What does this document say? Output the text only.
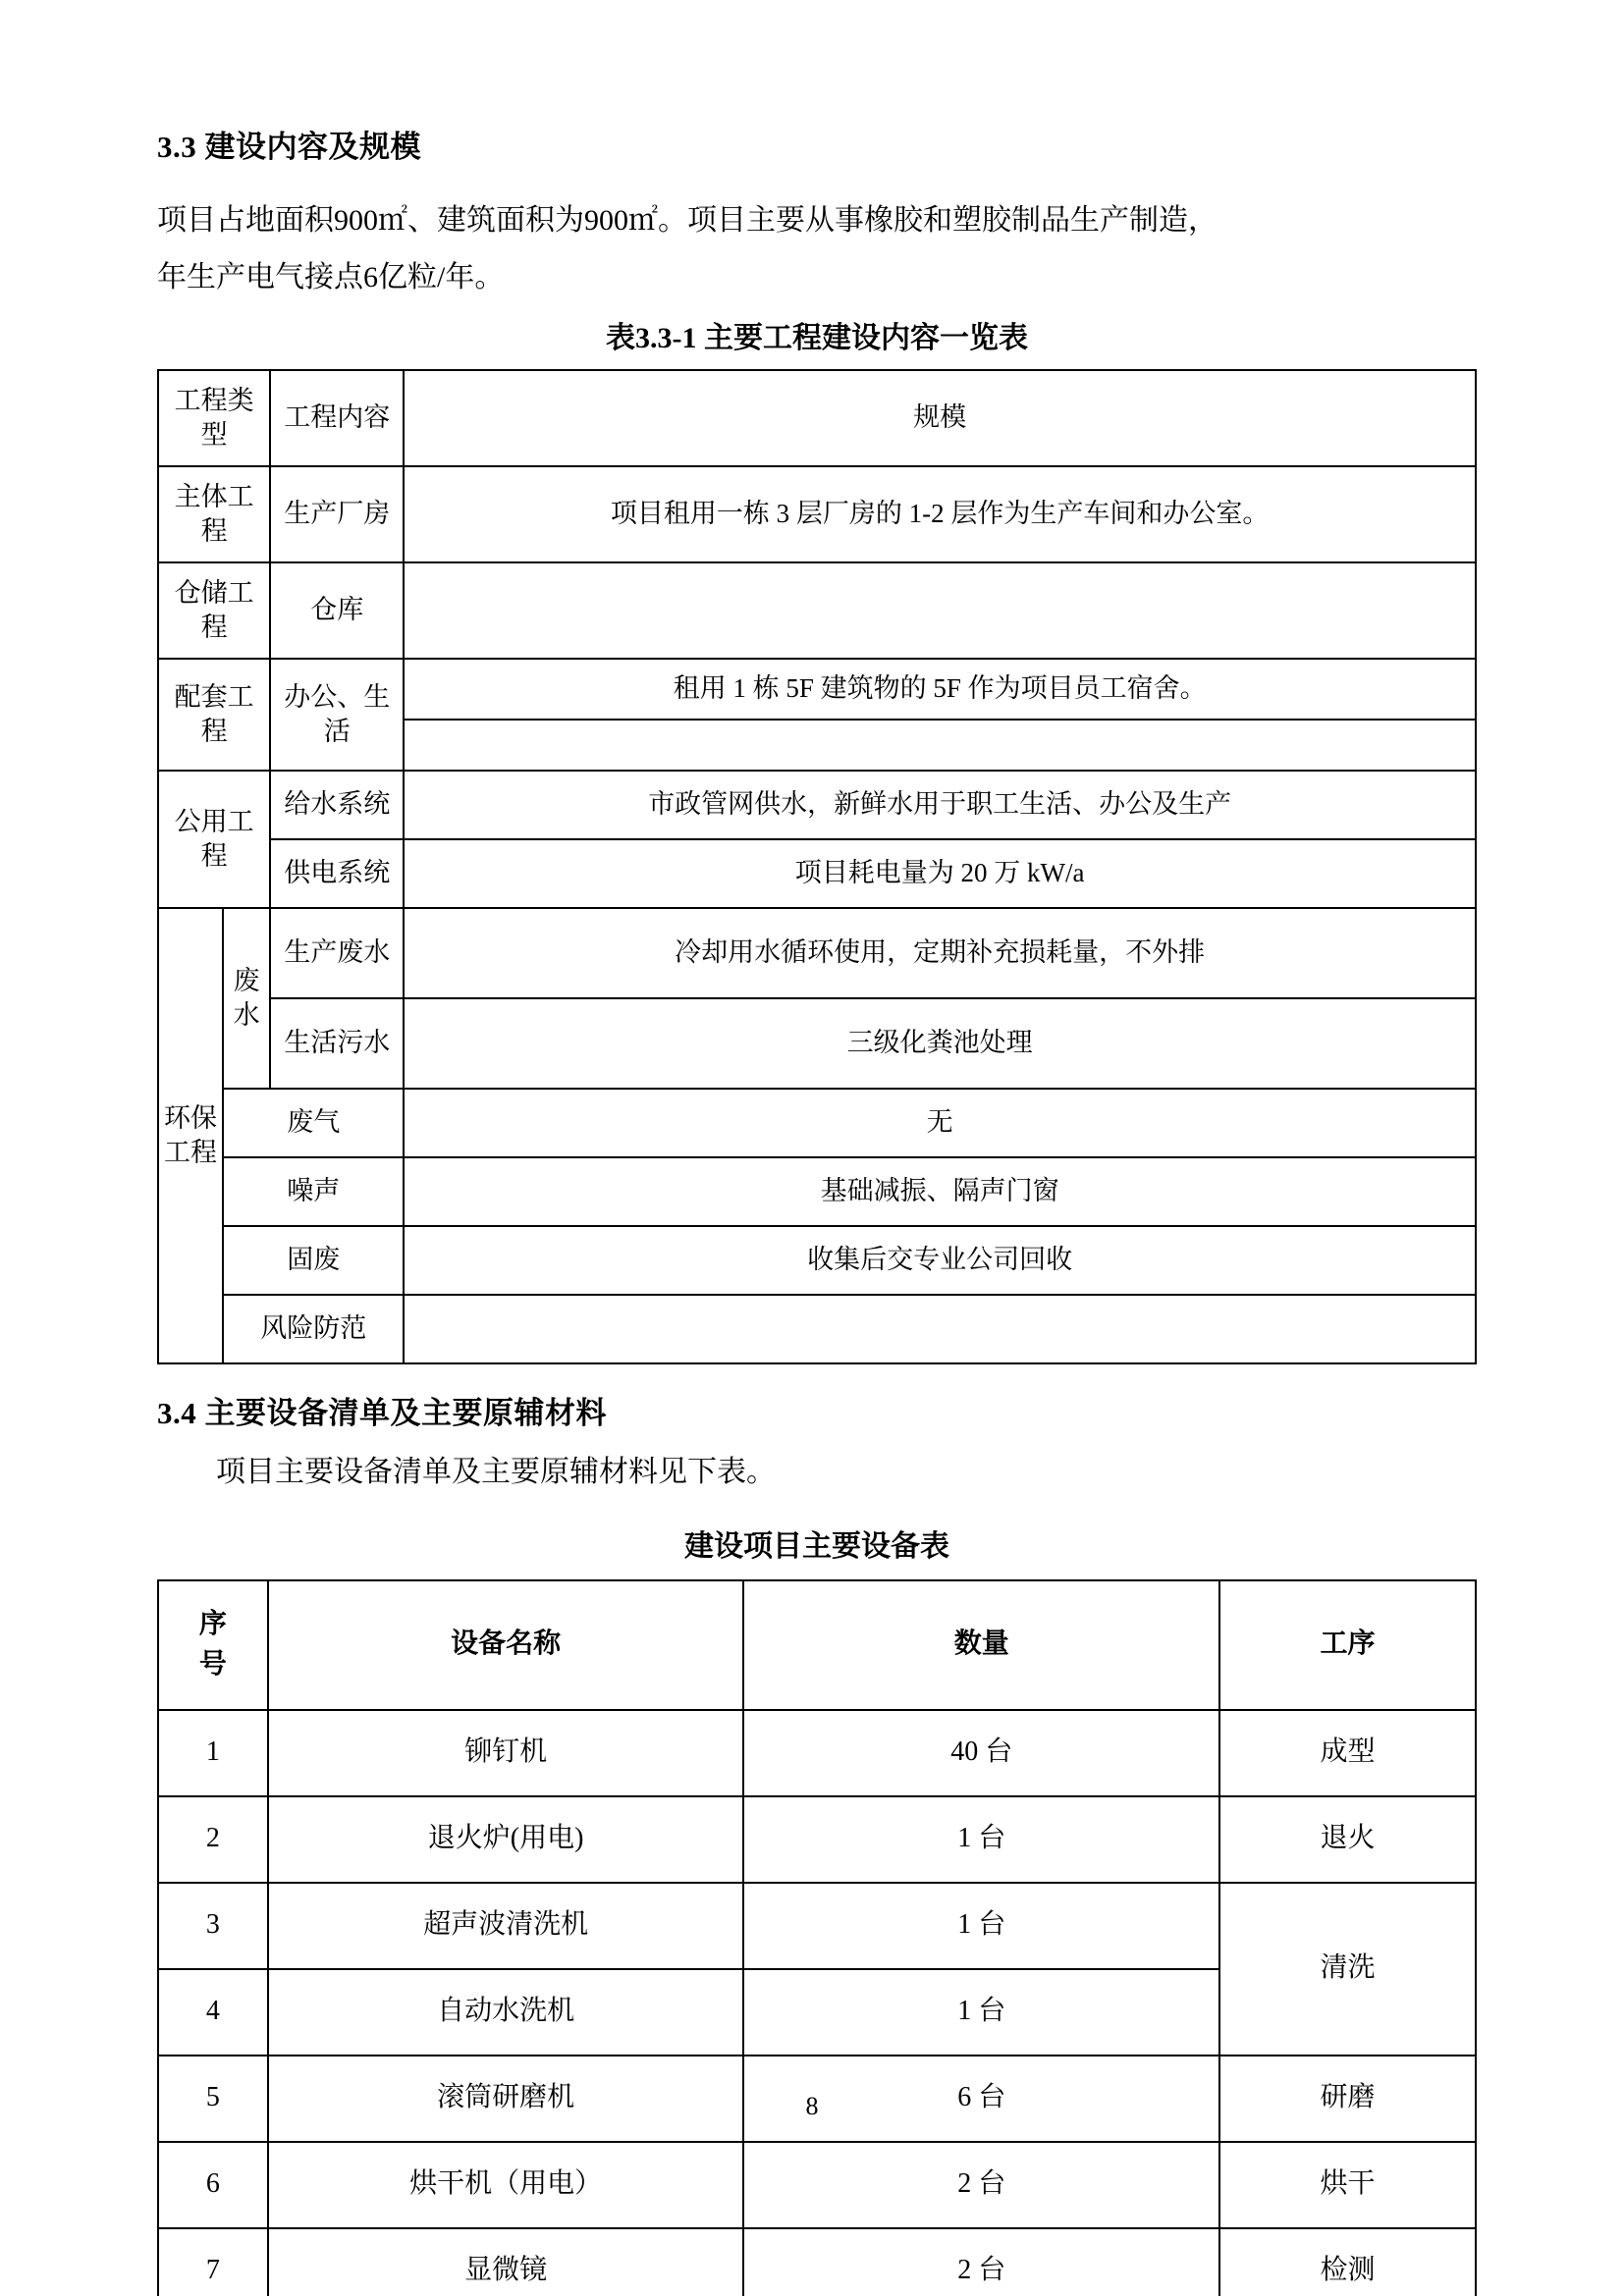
3.3 建设内容及规模

项目占地面积900㎡、建筑面积为900㎡。项目主要从事橡胶和塑胶制品生产制造，
年生产电气接点6亿粒/年。

表3.3-1 主要工程建设内容一览表
工程类型		工程内容	规模
主体工程		生产厂房	项目租用一栋 3 层厂房的 1-2 层作为生产车间和办公室。
仓储工程		仓库	
配套工程		办公、生活	租用 1 栋 5F 建筑物的 5F 作为项目员工宿舍。

公用工程		给水系统	市政管网供水，新鲜水用于职工生活、办公及生产
		供电系统	项目耗电量为 20 万 kW/a
环保工程	废水	生产废水	冷却用水循环使用，定期补充损耗量，不外排
		生活污水	三级化粪池处理
	废气		无
	噪声		基础减振、隔声门窗
	固废		收集后交专业公司回收
	风险防范		
3.4 主要设备清单及主要原辅材料

项目主要设备清单及主要原辅材料见下表。

建设项目主要设备表
序
号	设备名称	数量	工序
1	铆钉机	40 台	成型
2	退火炉(用电)	1 台	退火
3	超声波清洗机	1 台	清洗
4	自动水洗机	1 台	
5	滚筒研磨机	6 台	研磨
6	烘干机（用电）	2 台	烘干
7	显微镜	2 台	检测
8
